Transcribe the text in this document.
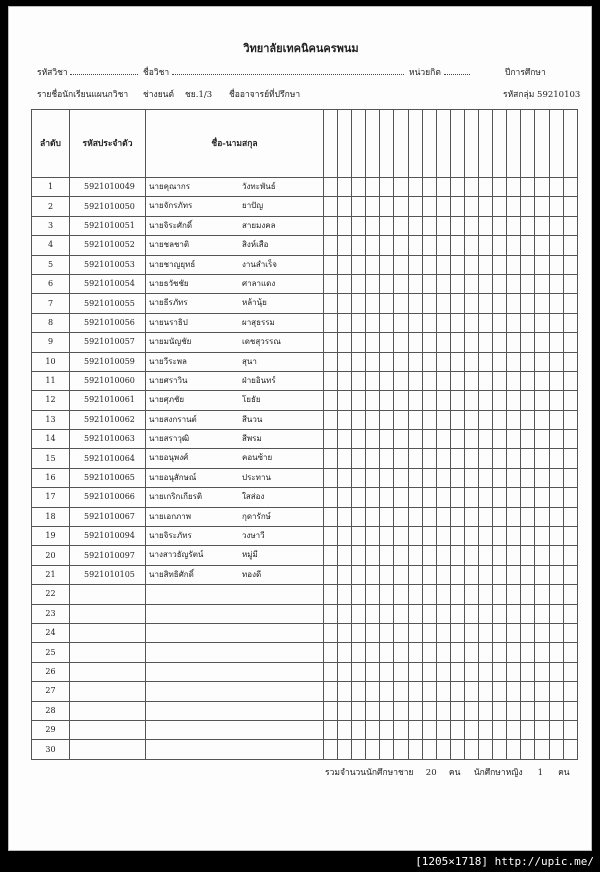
วิทยาลัยเทคนิคนครพนม
รหัสวิชา	ชื่อวิชา	หน่วยกิต	ปีการศึกษา
รายชื่อนักเรียนแผนกวิชา ช่างยนต์ ชย.1/3 ชื่ออาจารย์ที่ปรึกษา	รหัสกลุ่ม 59210103
ลำดับ	รหัสประจำตัว	ชื่อ-นามสกุล																		
1	5921010049	นายคุณากร วังทะพันธ์																		

2	5921010050	นายจักรภัทร ยาปัญ																		

3	5921010051	นายจิระศักดิ์ สายมงคล																		

4	5921010052	นายชลชาติ สิงห์เสือ																		

5	5921010053	นายชาญยุทธ์ งานสำเร็จ																		

6	5921010054	นายธวัชชัย ศาลาแดง																		

7	5921010055	นายธีรภัทร หล้านุ้ย																		

8	5921010056	นายนราธิป ผาสุธรรม																		

9	5921010057	นายมนัญชัย เดชสุวรรณ																		

10	5921010059	นายวีระพล สุนา																		

11	5921010060	นายศราวิน ฝ่ายอินทร์																		

12	5921010061	นายศุภชัย โยธัย																		

13	5921010062	นายสงกรานต์ สีนวน																		

14	5921010063	นายสราวุฒิ สีพรม																		

15	5921010064	นายอนุพงศ์ คอนซ้าย																		

16	5921010065	นายอนุสักษณ์ ประทาน																		

17	5921010066	นายเกริกเกียรติ ใสส่อง																		

18	5921010067	นายเอกภาพ กุดารักษ์																		

19	5921010094	นายจิระภัทร วงษาวี																		

20	5921010097	นางสาวธัญรัตน์ หมู่มี																		

21	5921010105	นายสิทธิศักดิ์ ทองดี																		

22		

23		

24		

25		

26		

27		

28		

29		

30		

รวมจำนวนนักศึกษาชาย 20 คน นักศึกษาหญิง 1 คน
[1205×1718] http://upic.me/
